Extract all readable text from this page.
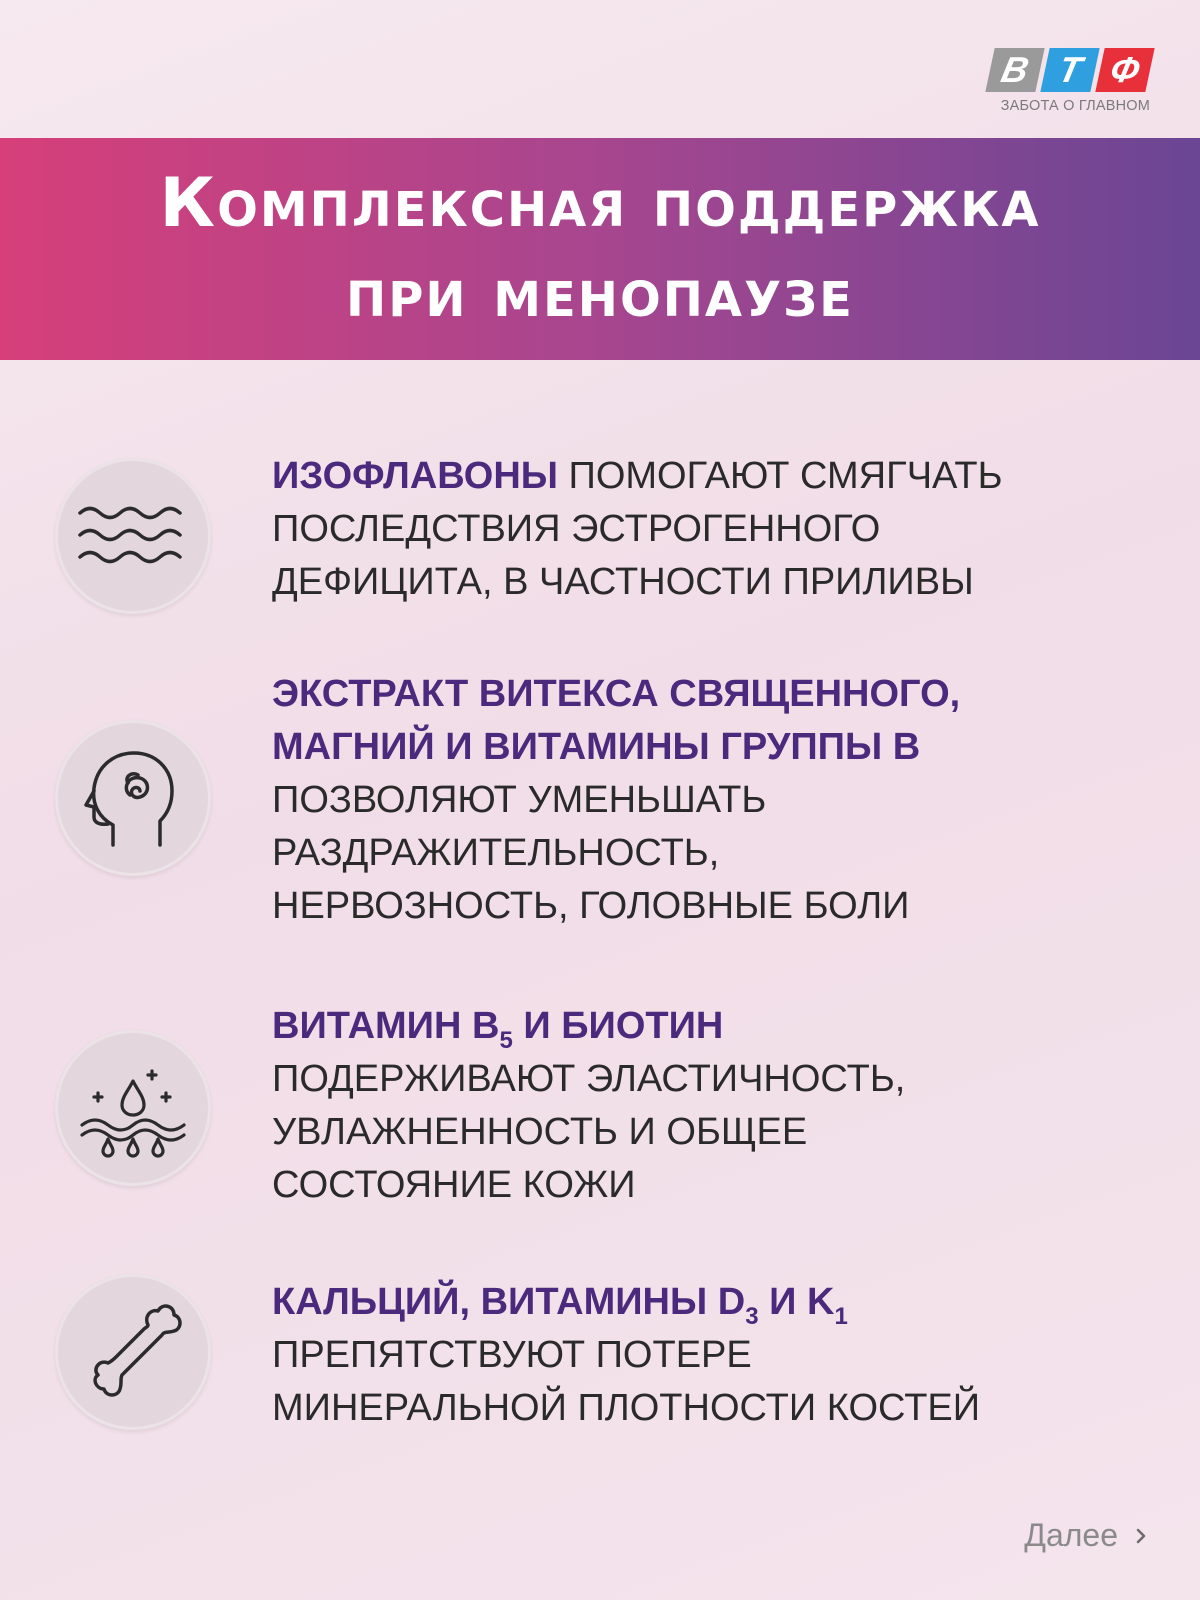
В Т Ф
ЗАБОТА О ГЛАВНОМ
Комплексная поддержка
при менопаузе
ИЗОФЛАВОНЫ ПОМОГАЮТ СМЯГЧАТЬ
ПОСЛЕДСТВИЯ ЭСТРОГЕННОГО
ДЕФИЦИТА, В ЧАСТНОСТИ ПРИЛИВЫ
ЭКСТРАКТ ВИТЕКСА СВЯЩЕННОГО,
МАГНИЙ И ВИТАМИНЫ ГРУППЫ В
ПОЗВОЛЯЮТ УМЕНЬШАТЬ
РАЗДРАЖИТЕЛЬНОСТЬ,
НЕРВОЗНОСТЬ, ГОЛОВНЫЕ БОЛИ
ВИТАМИН $В_5$ И БИОТИН
ПОДЕРЖИВАЮТ ЭЛАСТИЧНОСТЬ,
УВЛАЖНЕННОСТЬ И ОБЩЕЕ
СОСТОЯНИЕ КОЖИ
КАЛЬЦИЙ, ВИТАМИНЫ $D_3$ И $K_1$
ПРЕПЯТСТВУЮТ ПОТЕРЕ
МИНЕРАЛЬНОЙ ПЛОТНОСТИ КОСТЕЙ
Далее
